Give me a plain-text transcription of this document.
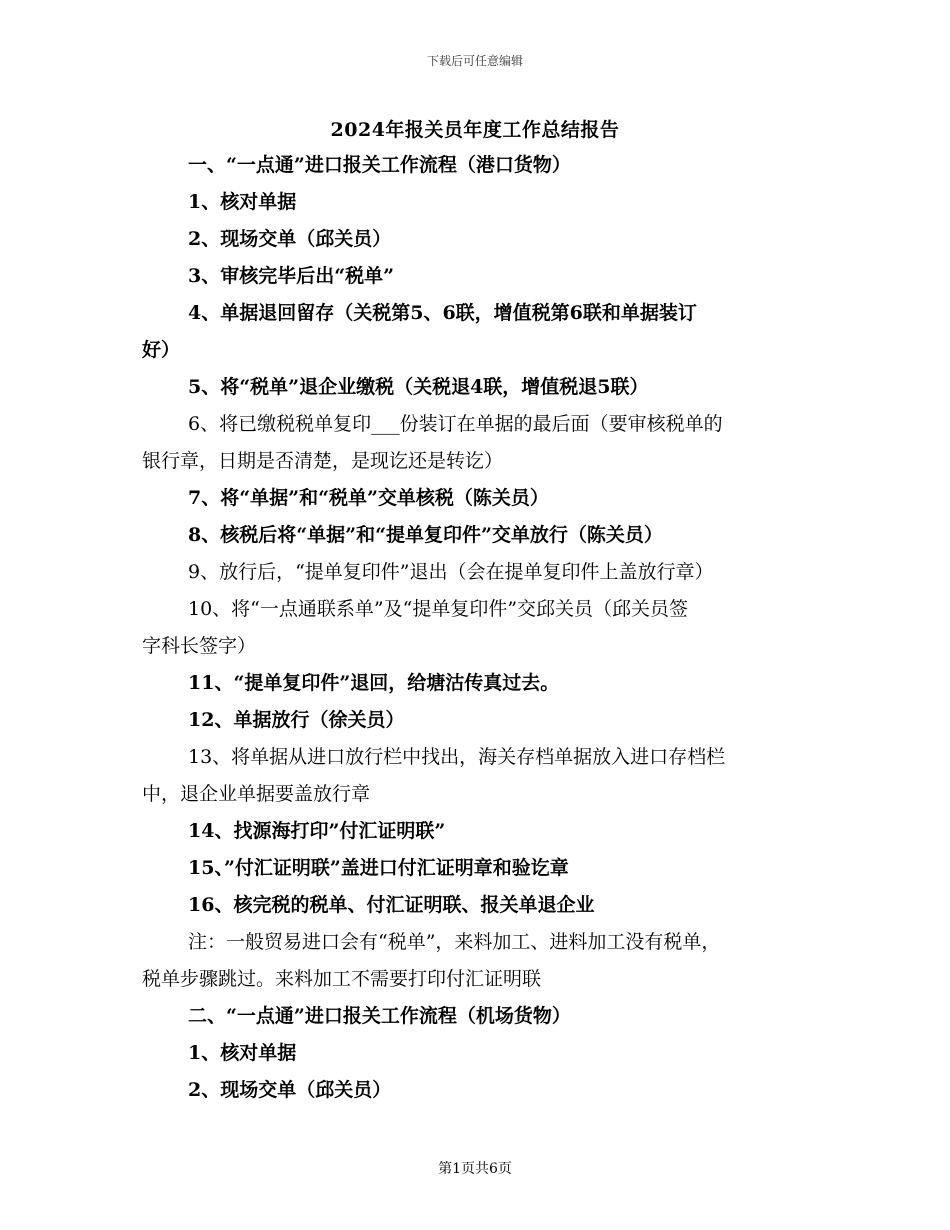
下载后可任意编辑
2024年报关员年度工作总结报告
一、“一点通”进口报关工作流程（港口货物）
1、核对单据
2、现场交单（邱关员）
3、审核完毕后出“税单”
4、单据退回留存（关税第5、6联，增值税第6联和单据装订
好）
5、将“税单”退企业缴税（关税退4联，增值税退5联）
6、将已缴税税单复印___份装订在单据的最后面（要审核税单的
银行章，日期是否清楚，是现讫还是转讫）
7、将“单据”和“税单”交单核税（陈关员）
8、核税后将“单据”和“提单复印件”交单放行（陈关员）
9、放行后，“提单复印件”退出（会在提单复印件上盖放行章）
10、将“一点通联系单”及“提单复印件”交邱关员（邱关员签
字科长签字）
11、“提单复印件”退回，给塘沽传真过去。
12、单据放行（徐关员）
13、将单据从进口放行栏中找出，海关存档单据放入进口存档栏
中，退企业单据要盖放行章
14、找源海打印”付汇证明联”
15、”付汇证明联”盖进口付汇证明章和验讫章
16、核完税的税单、付汇证明联、报关单退企业
注：一般贸易进口会有“税单”，来料加工、进料加工没有税单，
税单步骤跳过。来料加工不需要打印付汇证明联
二、“一点通”进口报关工作流程（机场货物）
1、核对单据
2、现场交单（邱关员）
第1页共6页
